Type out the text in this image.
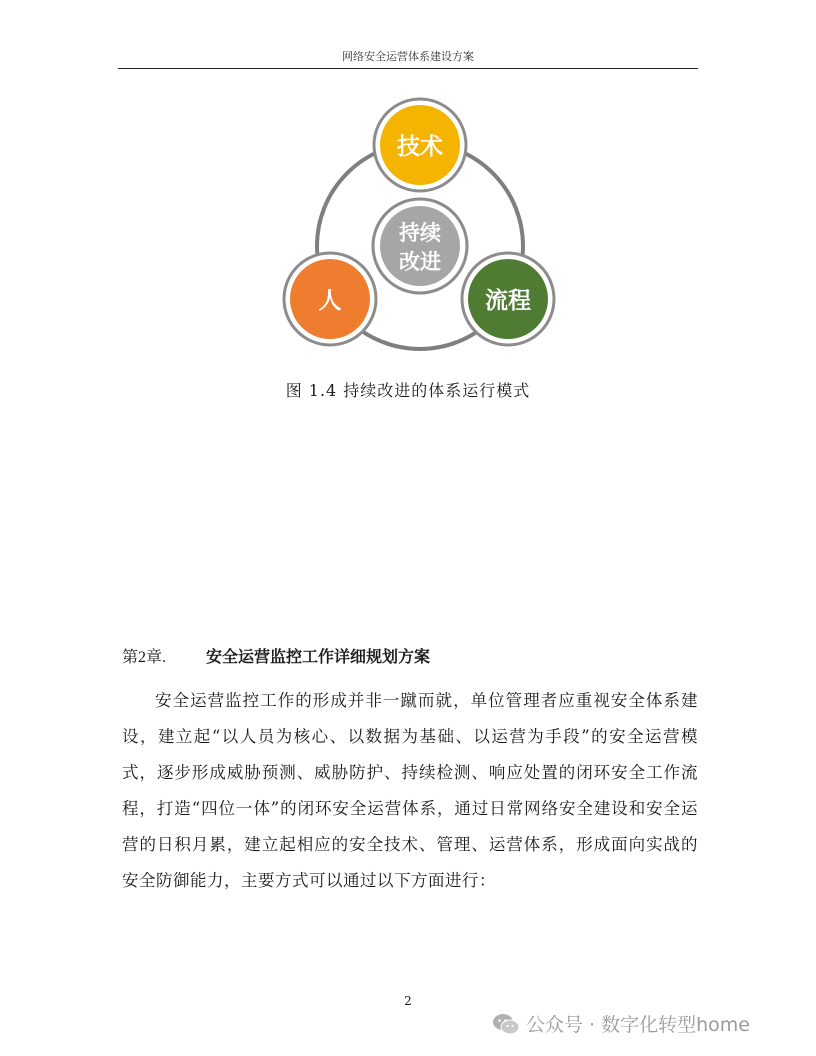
网络安全运营体系建设方案
持续
改进
技术
人	流程
图 1.4 持续改进的体系运行模式
第2章. 安全运营监控工作详细规划方案
安全运营监控工作的形成并非一蹴而就，单位管理者应重视安全体系建设，建立起“以人员为核心、以数据为基础、以运营为手段”的安全运营模式，逐步形成威胁预测、威胁防护、持续检测、响应处置的闭环安全工作流程，打造“四位一体”的闭环安全运营体系，通过日常网络安全建设和安全运营的日积月累，建立起相应的安全技术、管理、运营体系，形成面向实战的安全防御能力，主要方式可以通过以下方面进行：
2
公众号 · 数字化转型home
